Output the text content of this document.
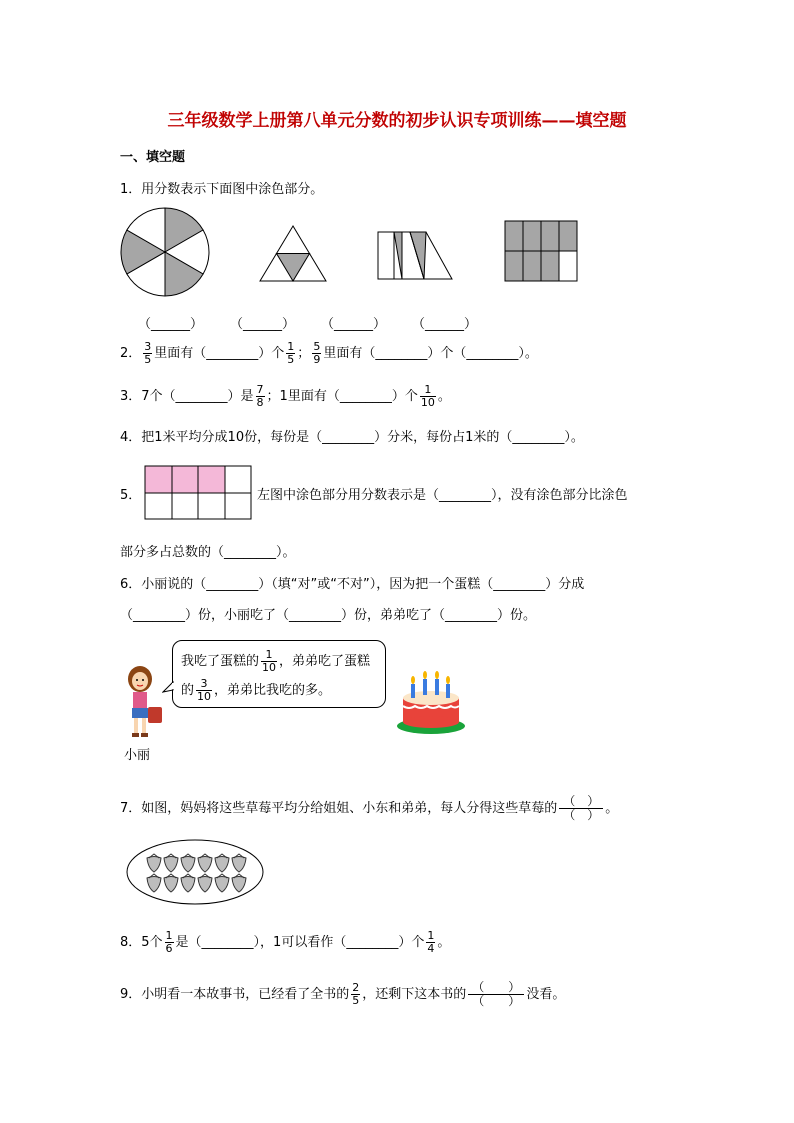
三年级数学上册第八单元分数的初步认识专项训练——填空题
一、填空题
1．用分数表示下面图中涂色部分。
（______） （______） （______） （______）
2． $\frac{3}{5}$ 里面有（________）个 $\frac{1}{5}$ ； $\frac{5}{9}$ 里面有（________）个（________）。
3．7个（________）是 $\frac{7}{8}$ ；1里面有（________）个 $\frac{1}{10}$ 。
4．把1米平均分成10份，每份是（________）分米，每份占1米的（________）。
5．	左图中涂色部分用分数表示是（________），没有涂色部分比涂色
部分多占总数的（________）。
6．小丽说的（________）（填“对”或“不对”），因为把一个蛋糕（________）分成
（________）份，小丽吃了（________）份，弟弟吃了（________）份。
小丽
我吃了蛋糕的 $\frac{1}{10}$ ，弟弟吃了蛋糕
的 $\frac{3}{10}$ ，弟弟比我吃的多。
7．如图，妈妈将这些草莓平均分给姐姐、小东和弟弟，每人分得这些草莓的 （　）
（　） 。
8．5个 $\frac{1}{6}$ 是（________），1可以看作（________）个 $\frac{1}{4}$ 。
9．小明看一本故事书，已经看了全书的 $\frac{2}{5}$ ，还剩下这本书的 （　　）
（　　） 没看。
